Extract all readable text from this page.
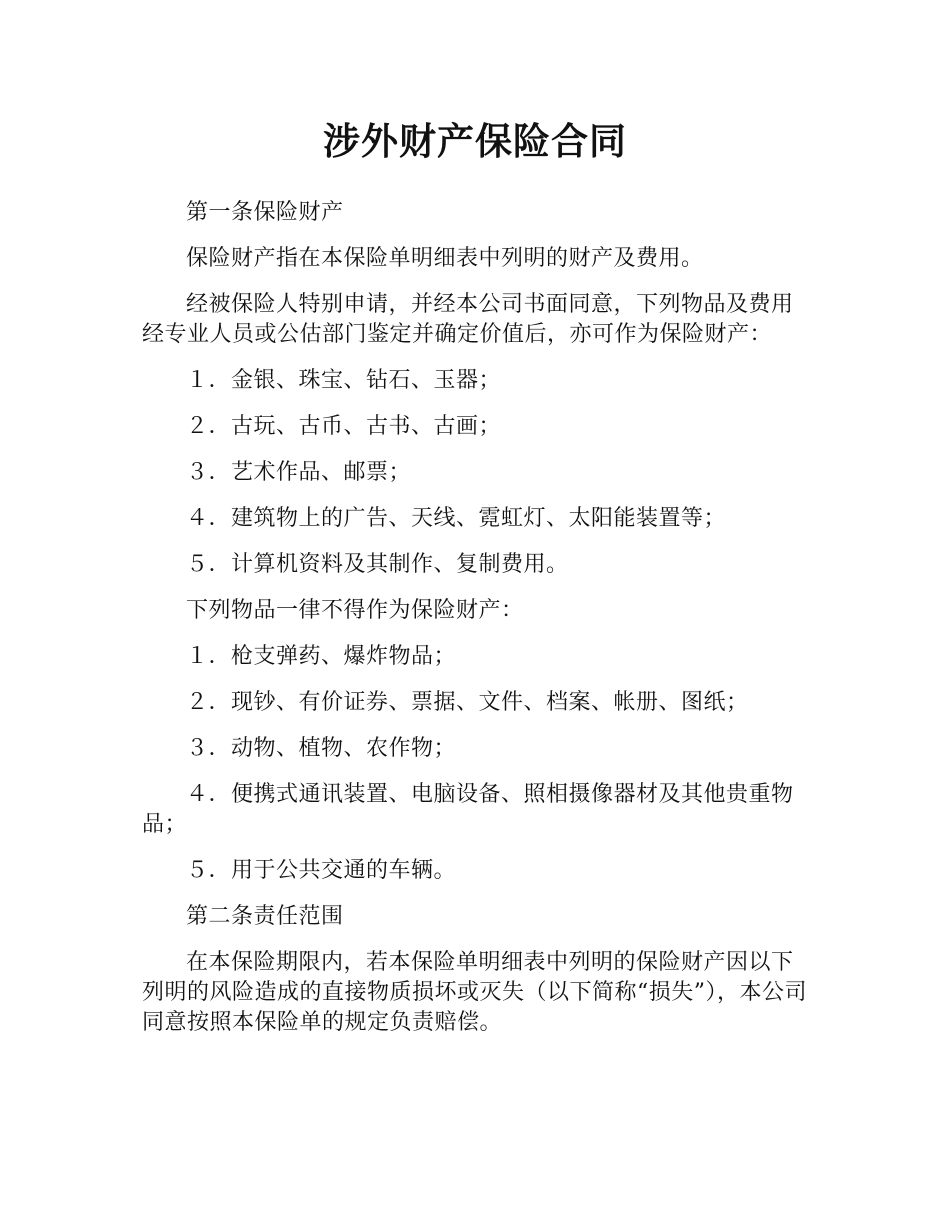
涉外财产保险合同

第一条保险财产

保险财产指在本保险单明细表中列明的财产及费用。

经被保险人特别申请，并经本公司书面同意，下列物品及费用经专业人员或公估部门鉴定并确定价值后，亦可作为保险财产：

１．金银、珠宝、钻石、玉器；

２．古玩、古币、古书、古画；

３．艺术作品、邮票；

４．建筑物上的广告、天线、霓虹灯、太阳能装置等；

５．计算机资料及其制作、复制费用。

下列物品一律不得作为保险财产：

１．枪支弹药、爆炸物品；

２．现钞、有价证券、票据、文件、档案、帐册、图纸；

３．动物、植物、农作物；

４．便携式通讯装置、电脑设备、照相摄像器材及其他贵重物品；

５．用于公共交通的车辆。

第二条责任范围

在本保险期限内，若本保险单明细表中列明的保险财产因以下列明的风险造成的直接物质损坏或灭失（以下简称“损失”），本公司同意按照本保险单的规定负责赔偿。
